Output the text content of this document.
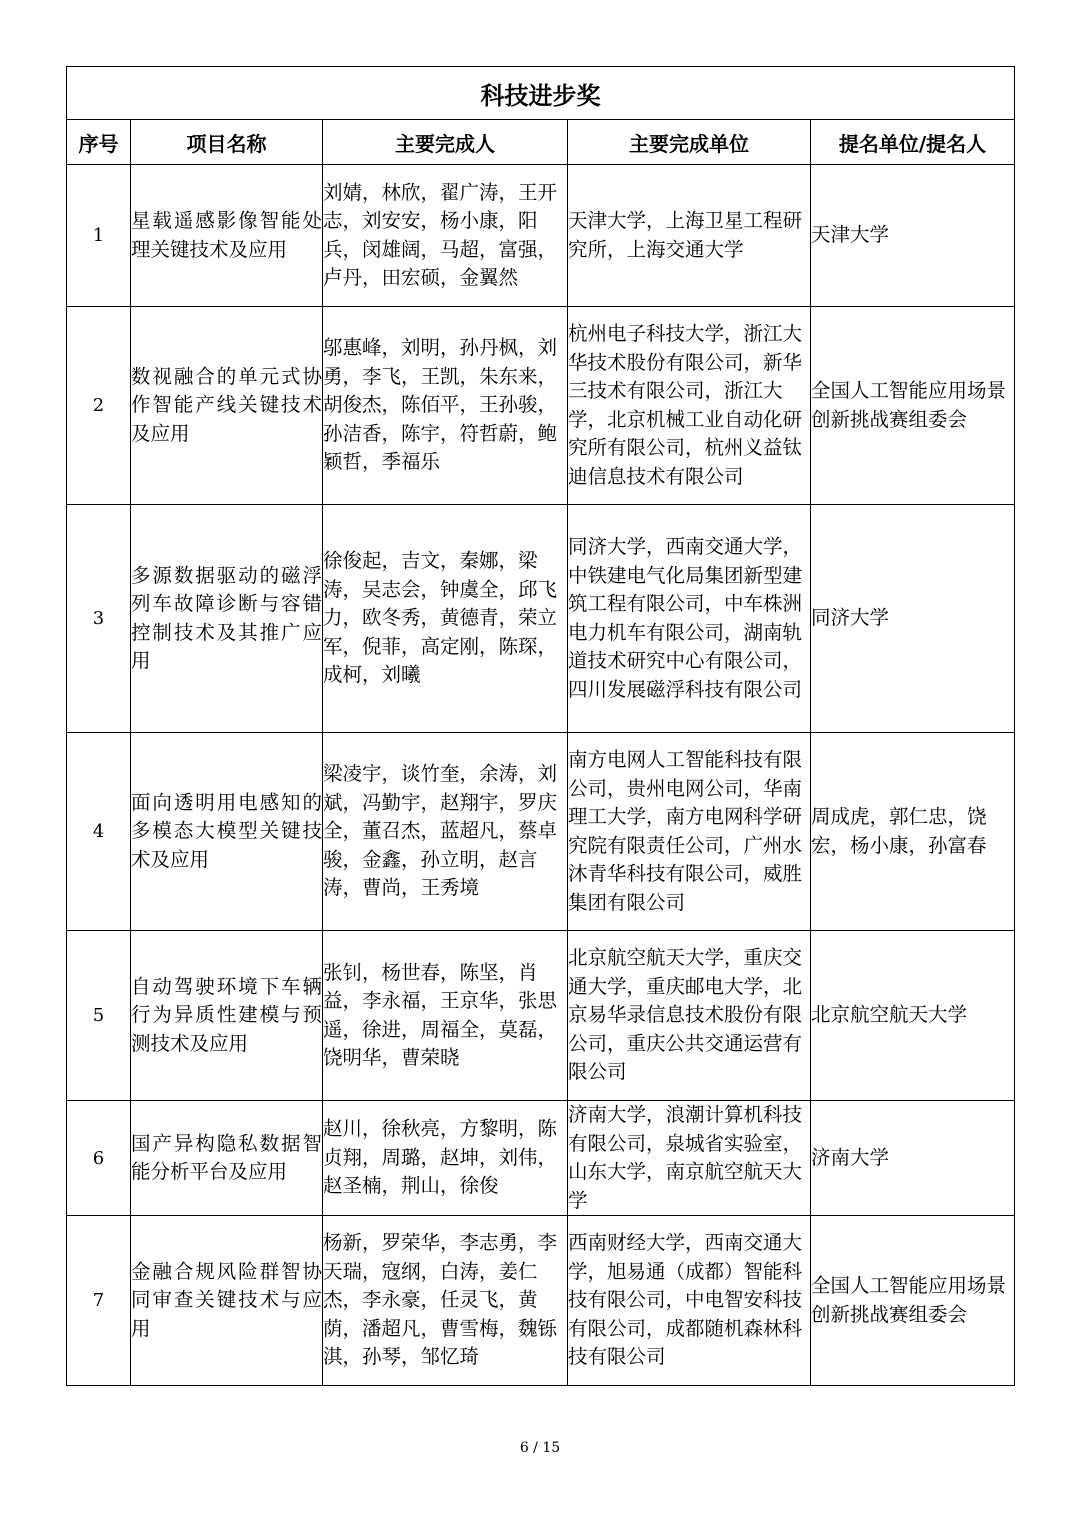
科技进步奖				
序号	项目名称	主要完成人	主要完成单位	提名单位/提名人
1	星载遥感影像智能处理关键技术及应用	刘婧，林欣，翟广涛，王开志，刘安安，杨小康，阳兵，闵雄阔，马超，富强，卢丹，田宏硕，金翼然	天津大学，上海卫星工程研究所，上海交通大学	天津大学
2	数视融合的单元式协作智能产线关键技术及应用	邬惠峰，刘明，孙丹枫，刘勇，李飞，王凯，朱东来，胡俊杰，陈佰平，王孙骏，孙洁香，陈宇，符哲蔚，鲍颖哲，季福乐	杭州电子科技大学，浙江大华技术股份有限公司，新华三技术有限公司，浙江大学，北京机械工业自动化研究所有限公司，杭州义益钛迪信息技术有限公司	全国人工智能应用场景创新挑战赛组委会
3	多源数据驱动的磁浮列车故障诊断与容错控制技术及其推广应用	徐俊起，吉文，秦娜，梁涛，吴志会，钟虞全，邱飞力，欧冬秀，黄德青，荣立军，倪菲，高定刚，陈琛，成柯，刘曦	同济大学，西南交通大学，中铁建电气化局集团新型建筑工程有限公司，中车株洲电力机车有限公司，湖南轨道技术研究中心有限公司，四川发展磁浮科技有限公司	同济大学
4	面向透明用电感知的多模态大模型关键技术及应用	梁凌宇，谈竹奎，余涛，刘斌，冯勤宇，赵翔宇，罗庆全，董召杰，蓝超凡，蔡卓骏，金鑫，孙立明，赵言涛，曹尚，王秀境	南方电网人工智能科技有限公司，贵州电网公司，华南理工大学，南方电网科学研究院有限责任公司，广州水沐青华科技有限公司，威胜集团有限公司	周成虎，郭仁忠，饶宏，杨小康，孙富春
5	自动驾驶环境下车辆行为异质性建模与预测技术及应用	张钊，杨世春，陈坚，肖益，李永福，王京华，张思遥，徐进，周福全，莫磊，饶明华，曹荣晓	北京航空航天大学，重庆交通大学，重庆邮电大学，北京易华录信息技术股份有限公司，重庆公共交通运营有限公司	北京航空航天大学
6	国产异构隐私数据智能分析平台及应用	赵川，徐秋亮，方黎明，陈贞翔，周璐，赵坤，刘伟，赵圣楠，荆山，徐俊	济南大学，浪潮计算机科技有限公司，泉城省实验室，山东大学，南京航空航天大学	济南大学
7	金融合规风险群智协同审查关键技术与应用	杨新，罗荣华，李志勇，李天瑞，寇纲，白涛，姜仁杰，李永豪，任灵飞，黄荫，潘超凡，曹雪梅，魏铄淇，孙琴，邹忆琦	西南财经大学，西南交通大学，旭易通（成都）智能科技有限公司，中电智安科技有限公司，成都随机森林科技有限公司	全国人工智能应用场景创新挑战赛组委会
6 / 15
